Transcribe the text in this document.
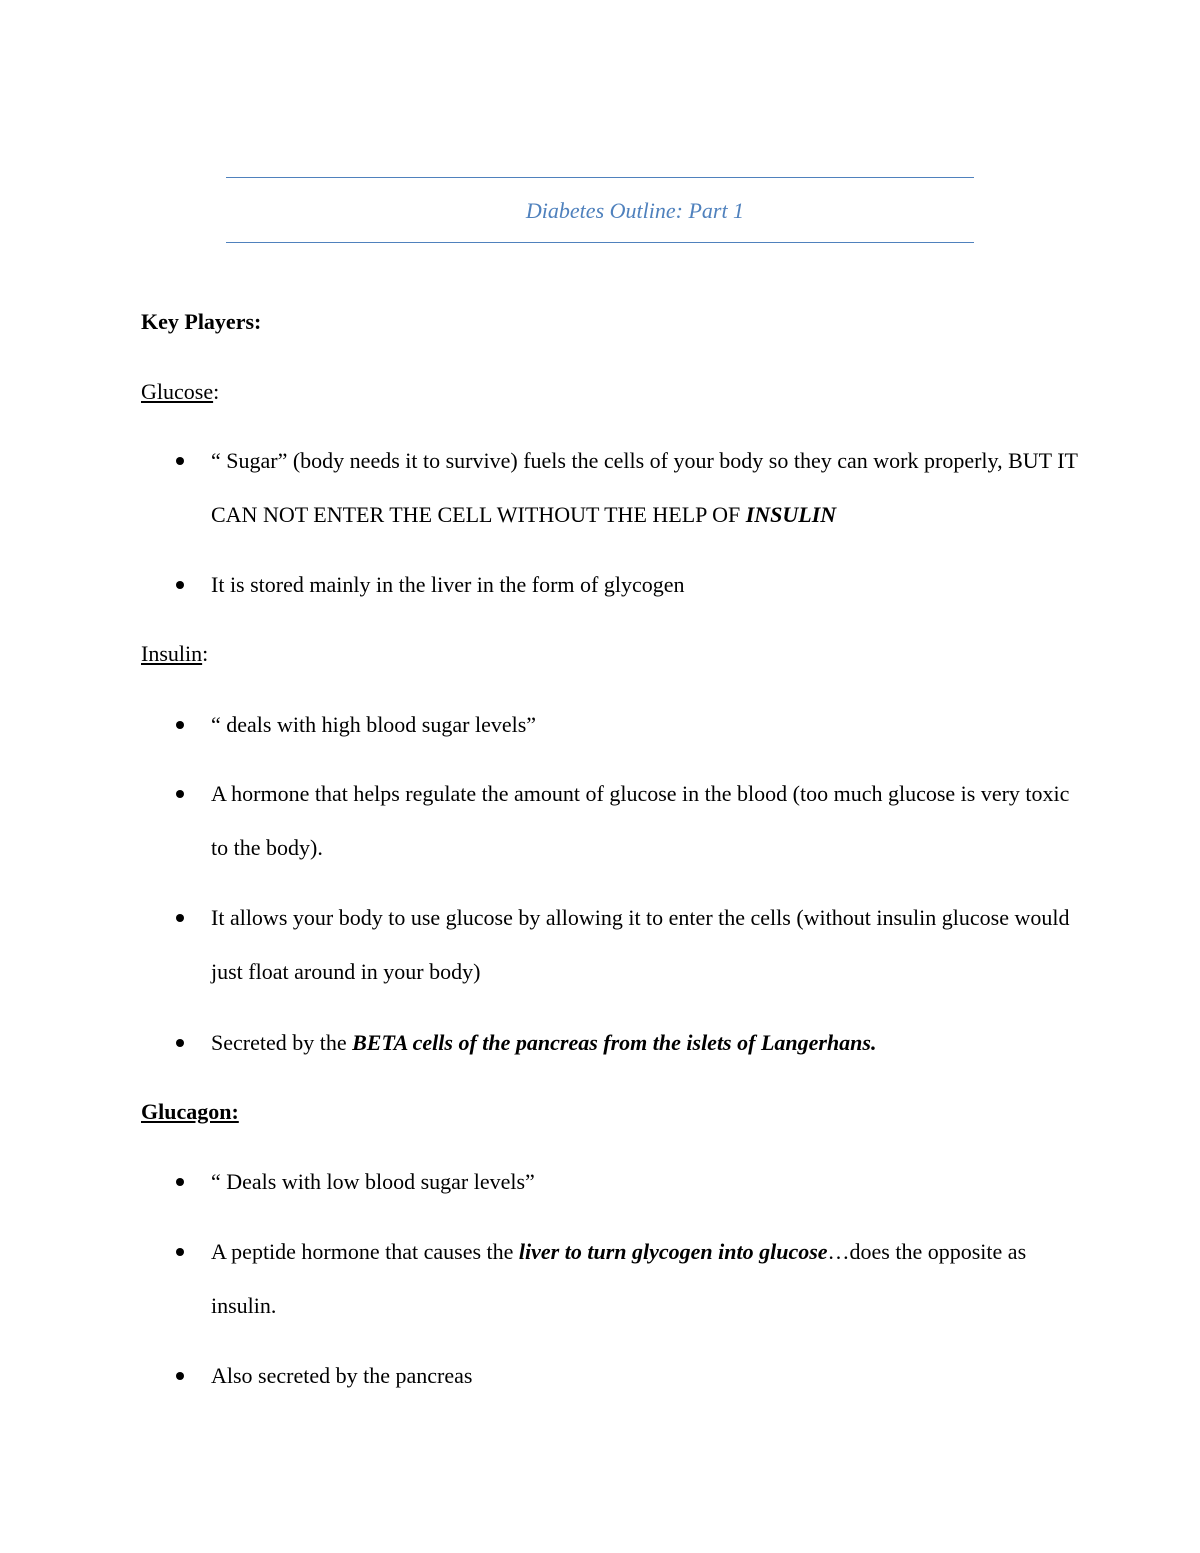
Diabetes Outline: Part 1
Key Players:
Glucose:
“ Sugar” (body needs it to survive) fuels the cells of your body so they can work properly, BUT IT CAN NOT ENTER THE CELL WITHOUT THE HELP OF INSULIN
It is stored mainly in the liver in the form of glycogen
Insulin:
“ deals with high blood sugar levels”
A hormone that helps regulate the amount of glucose in the blood (too much glucose is very toxic to the body).
It allows your body to use glucose by allowing it to enter the cells (without insulin glucose would just float around in your body)
Secreted by the BETA cells of the pancreas from the islets of Langerhans.
Glucagon:
“ Deals with low blood sugar levels”
A peptide hormone that causes the liver to turn glycogen into glucose…does the opposite as insulin.
Also secreted by the pancreas
